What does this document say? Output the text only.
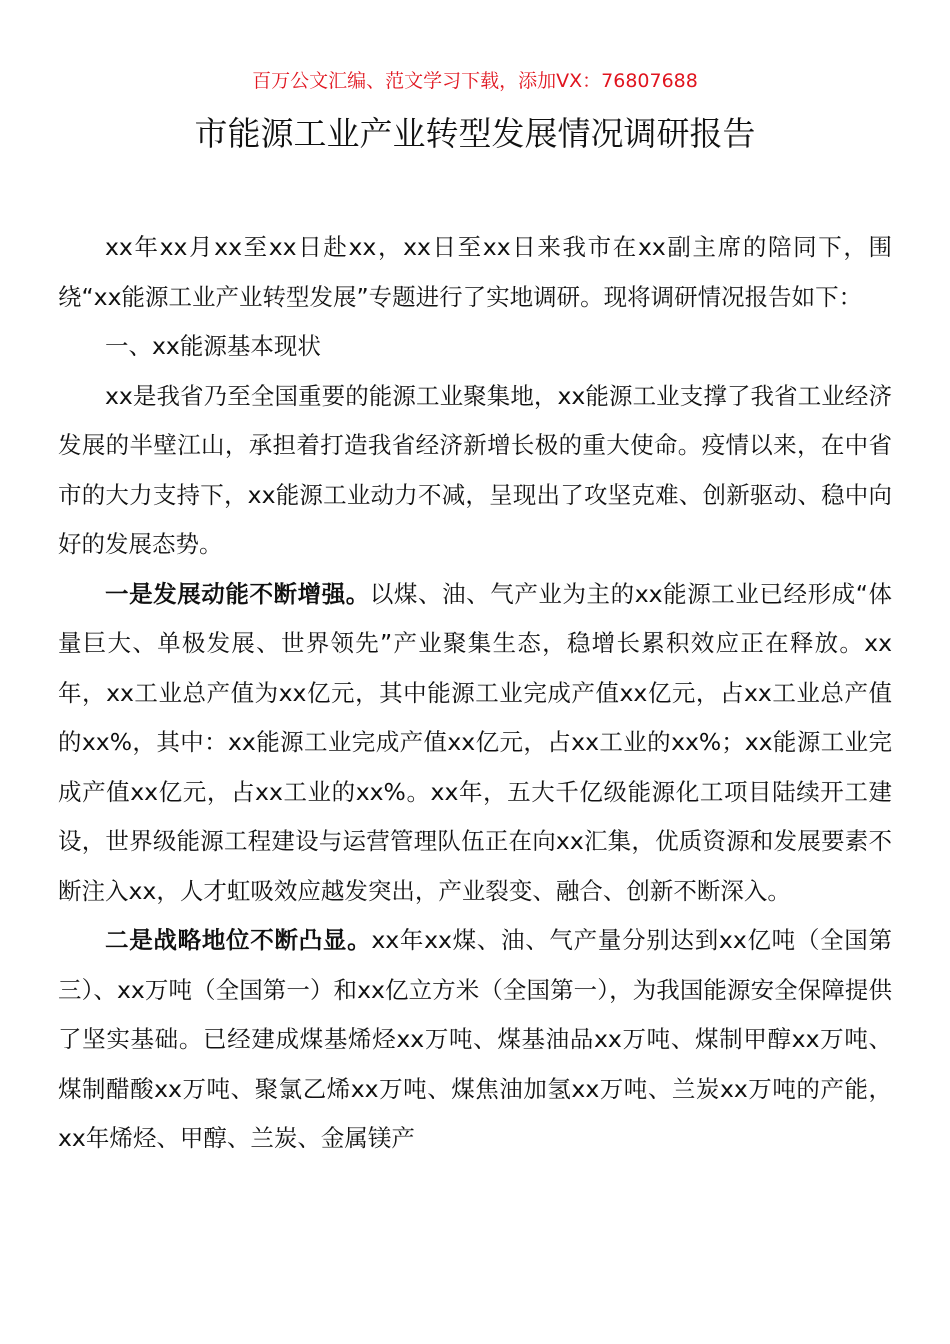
百万公文汇编、范文学习下载，添加VX：76807688
市能源工业产业转型发展情况调研报告

xx年xx月xx至xx日赴xx，xx日至xx日来我市在xx副主席的陪同下，围绕“xx能源工业产业转型发展”专题进行了实地调研。现将调研情况报告如下：

一、xx能源基本现状

xx是我省乃至全国重要的能源工业聚集地，xx能源工业支撑了我省工业经济发展的半壁江山，承担着打造我省经济新增长极的重大使命。疫情以来，在中省市的大力支持下，xx能源工业动力不减，呈现出了攻坚克难、创新驱动、稳中向好的发展态势。

一是发展动能不断增强。以煤、油、气产业为主的xx能源工业已经形成“体量巨大、单极发展、世界领先”产业聚集生态，稳增长累积效应正在释放。xx年，xx工业总产值为xx亿元，其中能源工业完成产值xx亿元，占xx工业总产值的xx%，其中：xx能源工业完成产值xx亿元，占xx工业的xx%；xx能源工业完成产值xx亿元，占xx工业的xx%。xx年，五大千亿级能源化工项目陆续开工建设，世界级能源工程建设与运营管理队伍正在向xx汇集，优质资源和发展要素不断注入xx，人才虹吸效应越发突出，产业裂变、融合、创新不断深入。

二是战略地位不断凸显。xx年xx煤、油、气产量分别达到xx亿吨（全国第三）、xx万吨（全国第一）和xx亿立方米（全国第一），为我国能源安全保障提供了坚实基础。已经建成煤基烯烃xx万吨、煤基油品xx万吨、煤制甲醇xx万吨、煤制醋酸xx万吨、聚氯乙烯xx万吨、煤焦油加氢xx万吨、兰炭xx万吨的产能，xx年烯烃、甲醇、兰炭、金属镁产
